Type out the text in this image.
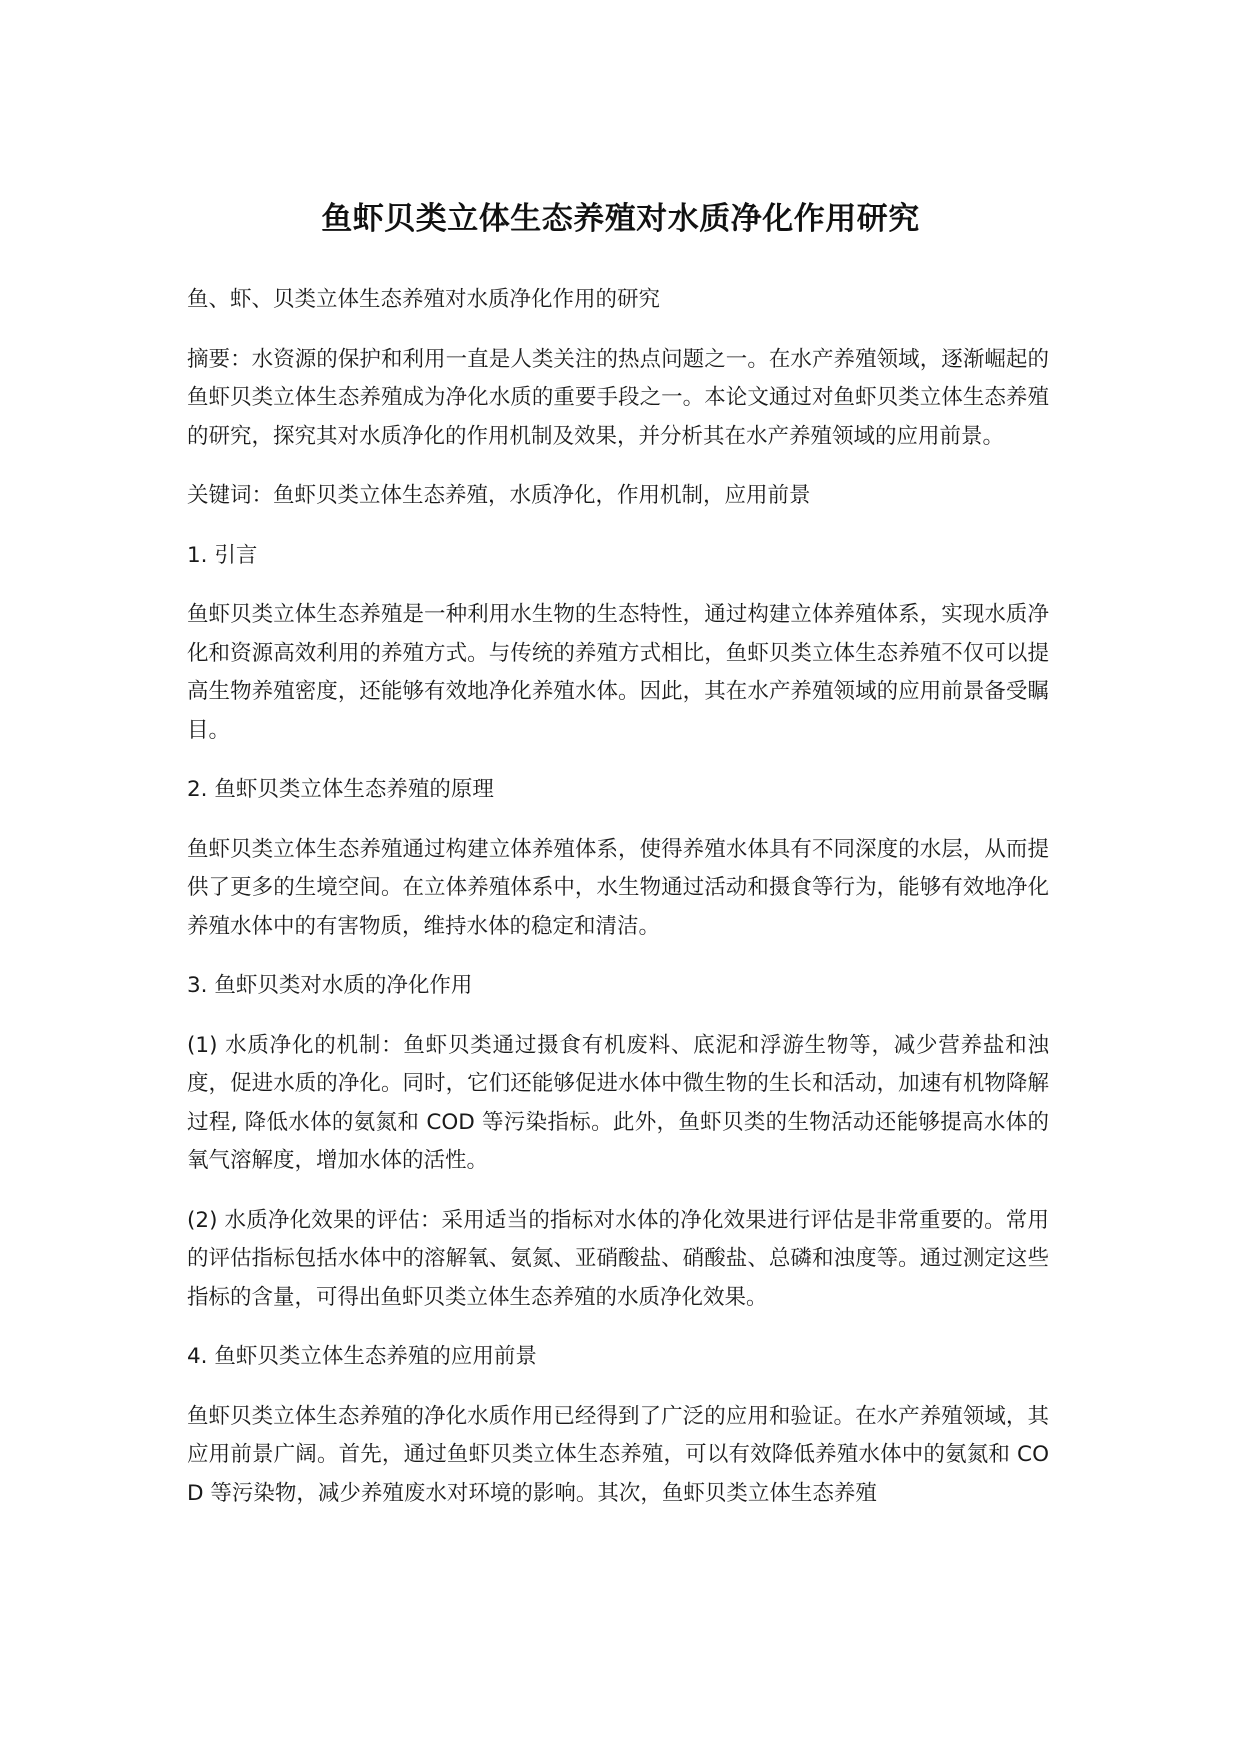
鱼虾贝类立体生态养殖对水质净化作用研究

鱼、虾、贝类立体生态养殖对水质净化作用的研究

摘要：水资源的保护和利用一直是人类关注的热点问题之一。在水产养殖领域，逐渐崛起的鱼虾贝类立体生态养殖成为净化水质的重要手段之一。本论文通过对鱼虾贝类立体生态养殖的研究，探究其对水质净化的作用机制及效果，并分析其在水产养殖领域的应用前景。

关键词：鱼虾贝类立体生态养殖，水质净化，作用机制，应用前景

1. 引言

鱼虾贝类立体生态养殖是一种利用水生物的生态特性，通过构建立体养殖体系，实现水质净化和资源高效利用的养殖方式。与传统的养殖方式相比，鱼虾贝类立体生态养殖不仅可以提高生物养殖密度，还能够有效地净化养殖水体。因此，其在水产养殖领域的应用前景备受瞩目。

2. 鱼虾贝类立体生态养殖的原理

鱼虾贝类立体生态养殖通过构建立体养殖体系，使得养殖水体具有不同深度的水层，从而提供了更多的生境空间。在立体养殖体系中，水生物通过活动和摄食等行为，能够有效地净化养殖水体中的有害物质，维持水体的稳定和清洁。

3. 鱼虾贝类对水质的净化作用

(1) 水质净化的机制：鱼虾贝类通过摄食有机废料、底泥和浮游生物等，减少营养盐和浊度，促进水质的净化。同时，它们还能够促进水体中微生物的生长和活动，加速有机物降解过程, 降低水体的氨氮和 COD 等污染指标。此外，鱼虾贝类的生物活动还能够提高水体的氧气溶解度，增加水体的活性。

(2) 水质净化效果的评估：采用适当的指标对水体的净化效果进行评估是非常重要的。常用的评估指标包括水体中的溶解氧、氨氮、亚硝酸盐、硝酸盐、总磷和浊度等。通过测定这些指标的含量，可得出鱼虾贝类立体生态养殖的水质净化效果。

4. 鱼虾贝类立体生态养殖的应用前景

鱼虾贝类立体生态养殖的净化水质作用已经得到了广泛的应用和验证。在水产养殖领域，其应用前景广阔。首先，通过鱼虾贝类立体生态养殖，可以有效降低养殖水体中的氨氮和 COD 等污染物，减少养殖废水对环境的影响。其次，鱼虾贝类立体生态养殖
